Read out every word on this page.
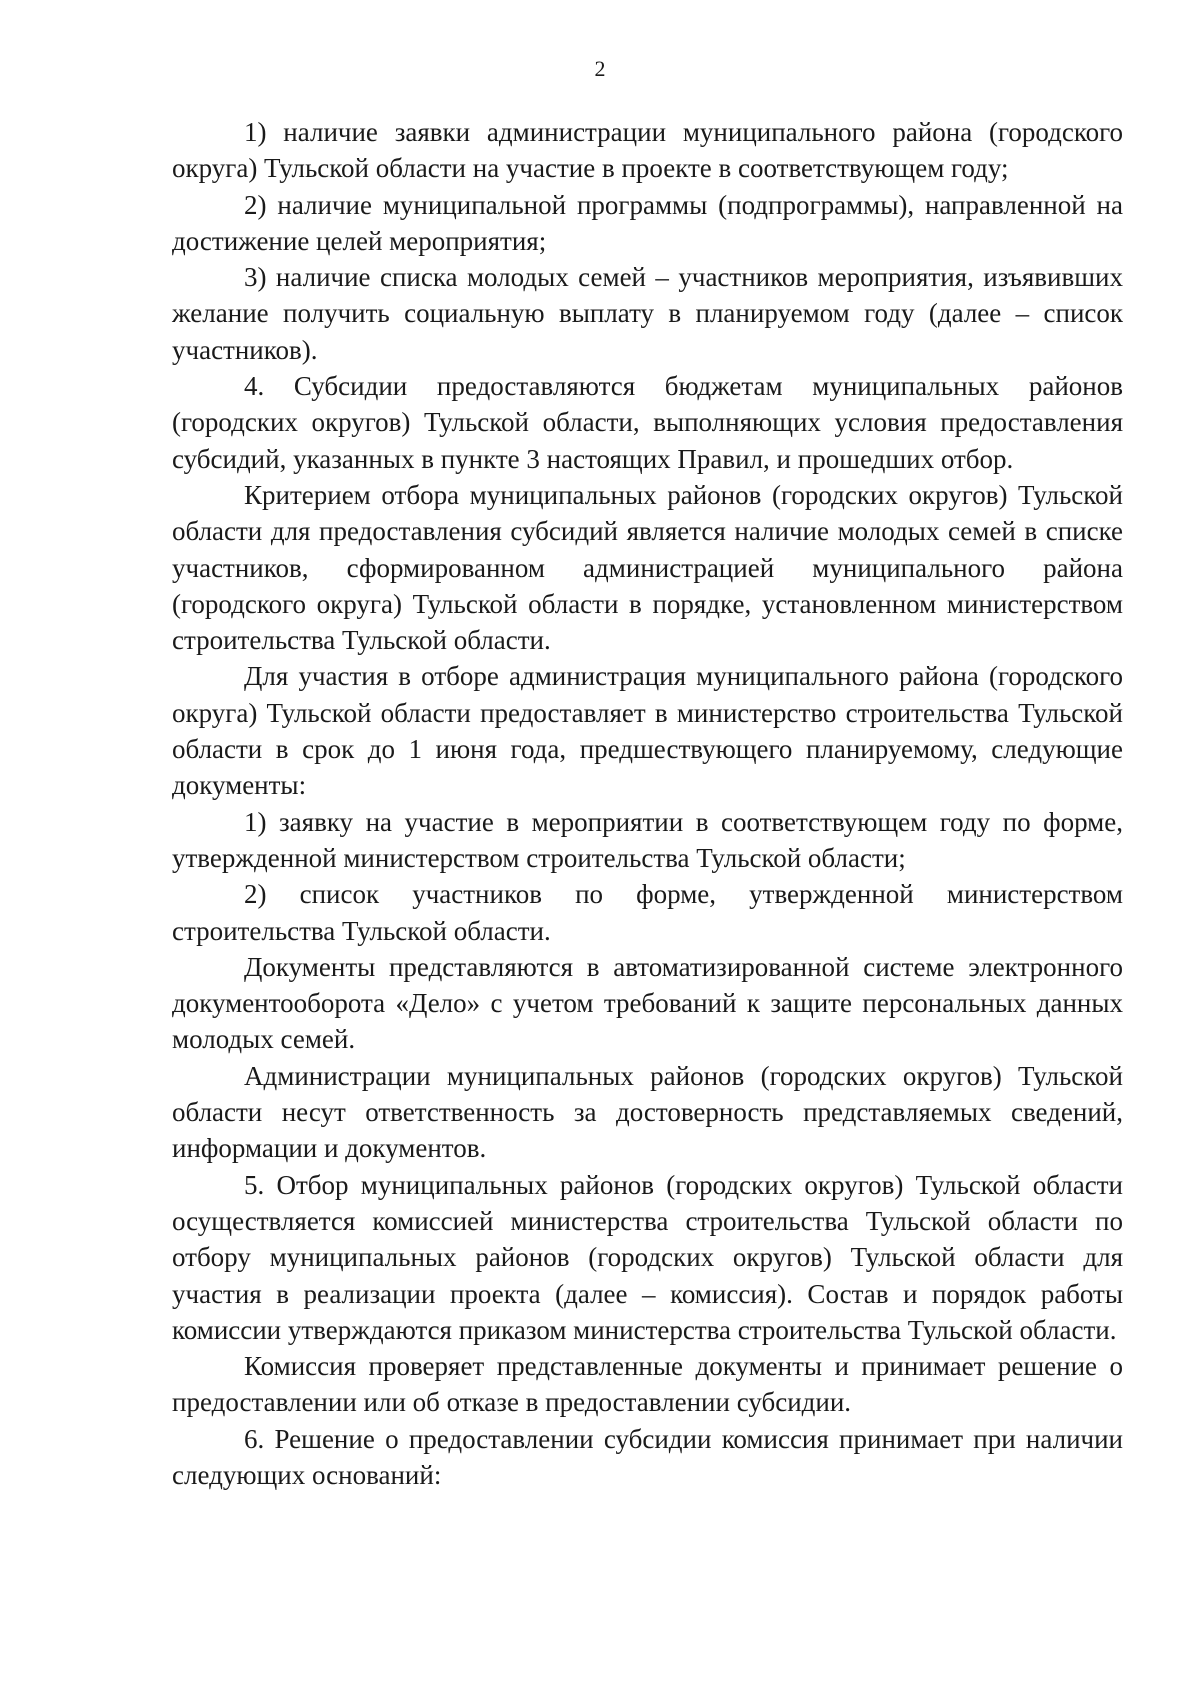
2

1) наличие заявки администрации муниципального района (городского округа) Тульской области на участие в проекте в соответствующем году;

2) наличие муниципальной программы (подпрограммы), направленной на достижение целей мероприятия;

3) наличие списка молодых семей – участников мероприятия, изъявивших желание получить социальную выплату в планируемом году (далее – список участников).

4. Субсидии предоставляются бюджетам муниципальных районов (городских округов) Тульской области, выполняющих условия предоставления субсидий, указанных в пункте 3 настоящих Правил, и прошедших отбор.

Критерием отбора муниципальных районов (городских округов) Тульской области для предоставления субсидий является наличие молодых семей в списке участников, сформированном администрацией муниципального района (городского округа) Тульской области в порядке, установленном министерством строительства Тульской области.

Для участия в отборе администрация муниципального района (городского округа) Тульской области предоставляет в министерство строительства Тульской области в срок до 1 июня года, предшествующего планируемому, следующие документы:

1) заявку на участие в мероприятии в соответствующем году по форме, утвержденной министерством строительства Тульской области;

2) список участников по форме, утвержденной министерством строительства Тульской области.

Документы представляются в автоматизированной системе электронного документооборота «Дело» с учетом требований к защите персональных данных молодых семей.

Администрации муниципальных районов (городских округов) Тульской области несут ответственность за достоверность представляемых сведений, информации и документов.

5. Отбор муниципальных районов (городских округов) Тульской области осуществляется комиссией министерства строительства Тульской области по отбору муниципальных районов (городских округов) Тульской области для участия в реализации проекта (далее – комиссия). Состав и порядок работы комиссии утверждаются приказом министерства строительства Тульской области.

Комиссия проверяет представленные документы и принимает решение о предоставлении или об отказе в предоставлении субсидии.

6. Решение о предоставлении субсидии комиссия принимает при наличии следующих оснований:
